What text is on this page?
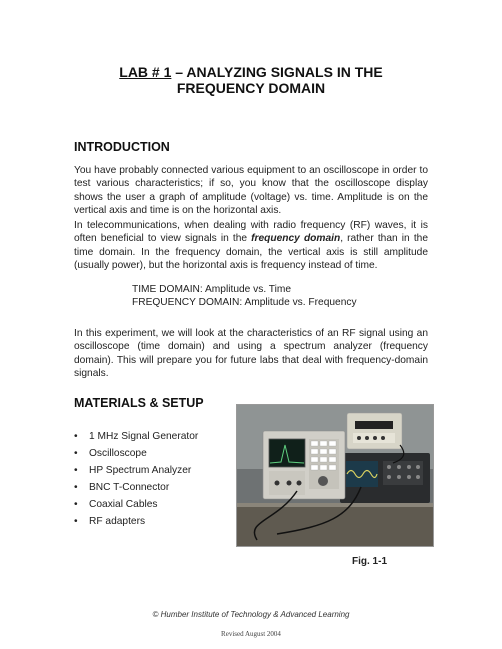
LAB # 1 – ANALYZING SIGNALS IN THE
FREQUENCY DOMAIN
INTRODUCTION

You have probably connected various equipment to an oscilloscope in order to test various characteristics; if so, you know that the oscilloscope display shows the user a graph of amplitude (voltage) vs. time. Amplitude is on the vertical axis and time is on the horizontal axis.

In telecommunications, when dealing with radio frequency (RF) waves, it is often beneficial to view signals in the frequency domain, rather than in the time domain. In the frequency domain, the vertical axis is still amplitude (usually power), but the horizontal axis is frequency instead of time.

TIME DOMAIN: Amplitude vs. Time
FREQUENCY DOMAIN: Amplitude vs. Frequency

In this experiment, we will look at the characteristics of an RF signal using an oscilloscope (time domain) and using a spectrum analyzer (frequency domain). This will prepare you for future labs that deal with frequency-domain signals.

MATERIALS & SETUP
• 1 MHz Signal Generator
• Oscilloscope
• HP Spectrum Analyzer
• BNC T-Connector
• Coaxial Cables
• RF adapters
Fig. 1-1
© Humber Institute of Technology & Advanced Learning
Revised August 2004
